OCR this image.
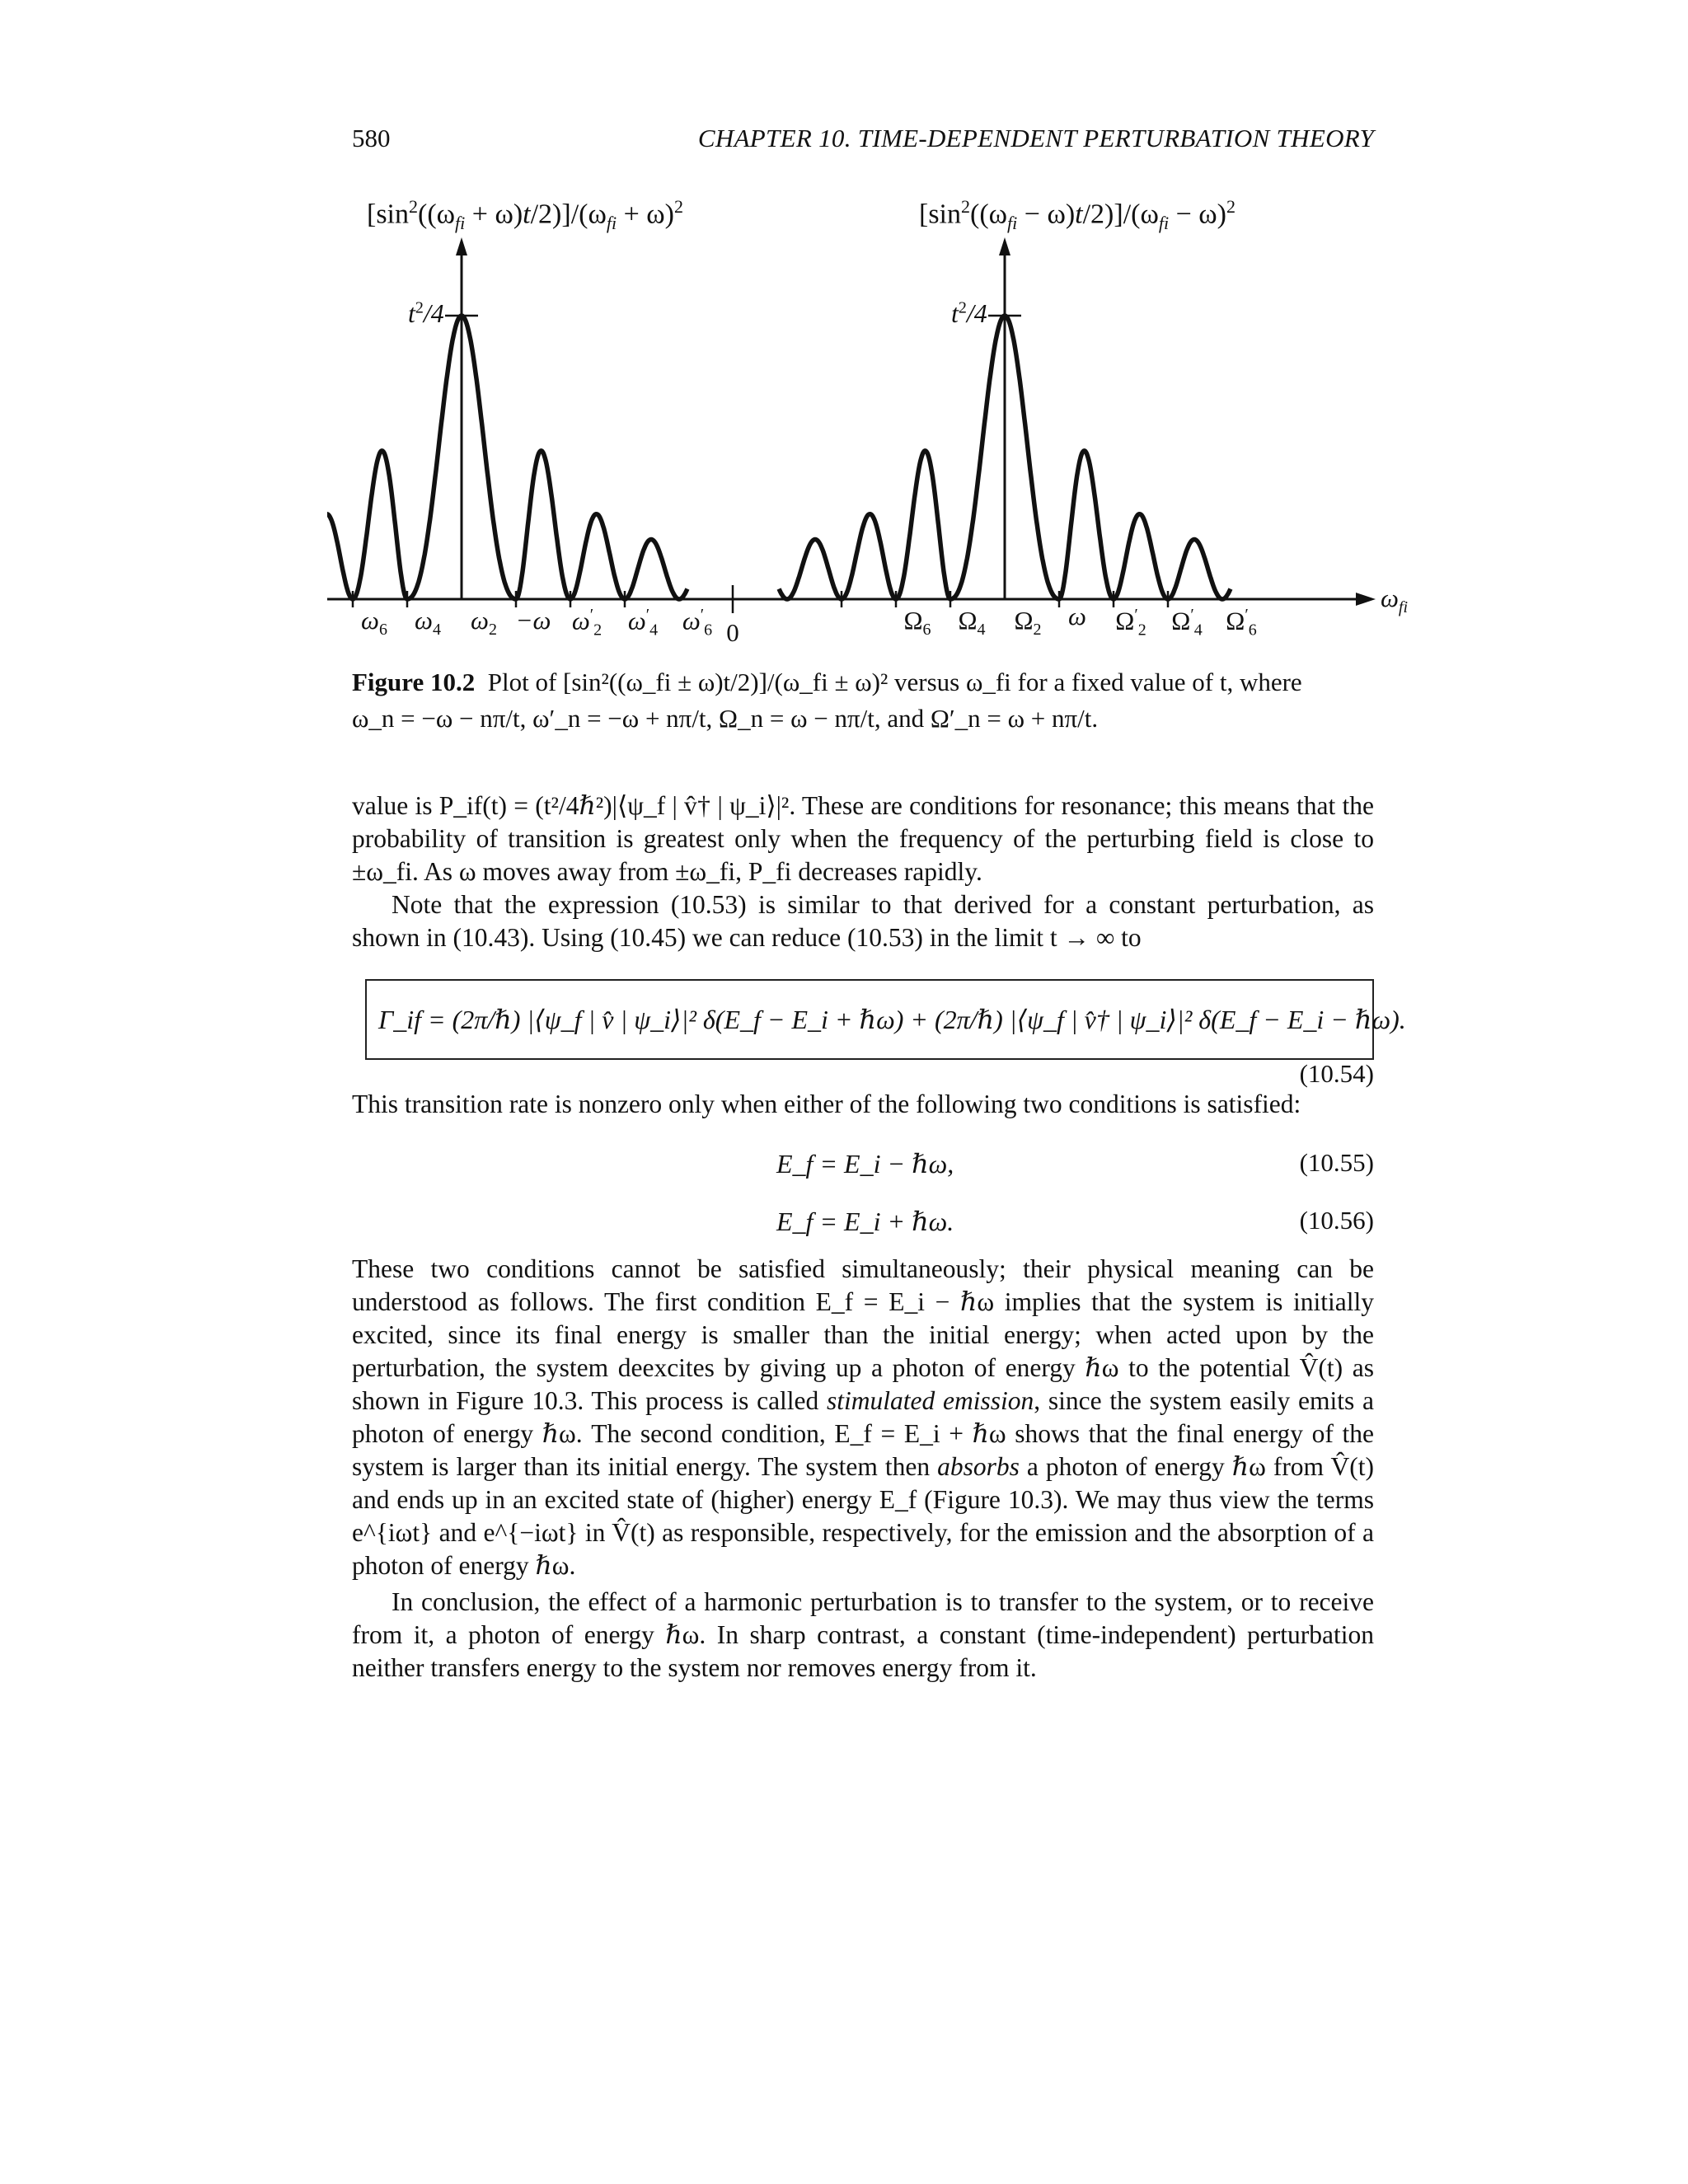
580	CHAPTER 10. TIME-DEPENDENT PERTURBATION THEORY
$[\sin^2((\omega_{fi} + \omega)t/2)]/(\omega_{fi} + \omega)^2$	$[\sin^2((\omega_{fi} - \omega)t/2)]/(\omega_{fi} - \omega)^2$
$t^2/4$	$t^2/4$
$\omega_6$ $\omega_4$ $\omega_2 -\omega$ $\omega'_2$ $\omega'_4$ $\omega'_6$ 0	$\Omega_6$ $\Omega_4$ $\Omega_2$ ω $\Omega'_2$ $\Omega'_4$ $\Omega'_6$
$\omega_{fi}$
Figure 10.2 Plot of [sin²((ω_fi ± ω)t/2)]/(ω_fi ± ω)² versus ω_fi for a fixed value of t, where
ω_n = −ω − nπ/t, ω′_n = −ω + nπ/t, Ω_n = ω − nπ/t, and Ω′_n = ω + nπ/t.
value is P_if(t) = (t²/4ℏ²)|⟨ψ_f | v̂† | ψ_i⟩|². These are conditions for resonance; this means that the probability of transition is greatest only when the frequency of the perturbing field is close to ±ω_fi. As ω moves away from ±ω_fi, P_fi decreases rapidly.
Note that the expression (10.53) is similar to that derived for a constant perturbation, as shown in (10.43). Using (10.45) we can reduce (10.53) in the limit t → ∞ to
Γ_if = (2π/ℏ) |⟨ψ_f | v̂ | ψ_i⟩|² δ(E_f − E_i + ℏω) + (2π/ℏ) |⟨ψ_f | v̂† | ψ_i⟩|² δ(E_f − E_i − ℏω).
(10.54)
This transition rate is nonzero only when either of the following two conditions is satisfied:
E_f = E_i − ℏω,	(10.55)
E_f = E_i + ℏω.	(10.56)
These two conditions cannot be satisfied simultaneously; their physical meaning can be understood as follows. The first condition E_f = E_i − ℏω implies that the system is initially excited, since its final energy is smaller than the initial energy; when acted upon by the perturbation, the system deexcites by giving up a photon of energy ℏω to the potential V̂(t) as shown in Figure 10.3. This process is called stimulated emission, since the system easily emits a photon of energy ℏω. The second condition, E_f = E_i + ℏω shows that the final energy of the system is larger than its initial energy. The system then absorbs a photon of energy ℏω from V̂(t) and ends up in an excited state of (higher) energy E_f (Figure 10.3). We may thus view the terms e^{iωt} and e^{−iωt} in V̂(t) as responsible, respectively, for the emission and the absorption of a photon of energy ℏω.
In conclusion, the effect of a harmonic perturbation is to transfer to the system, or to receive from it, a photon of energy ℏω. In sharp contrast, a constant (time-independent) perturbation neither transfers energy to the system nor removes energy from it.
